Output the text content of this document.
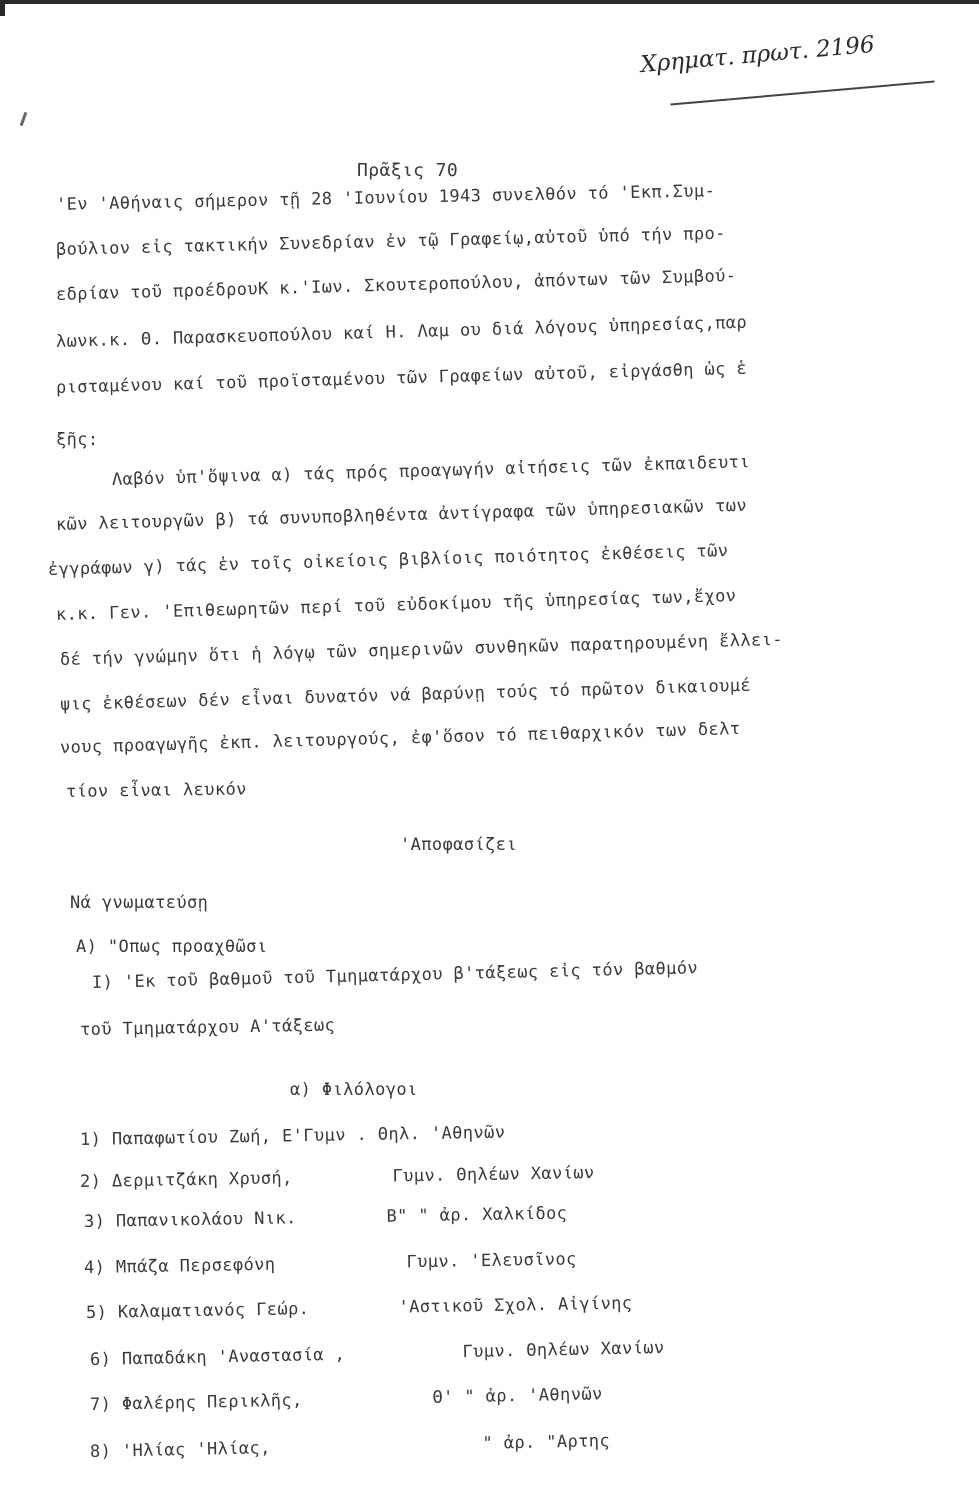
Χρηματ. πρωτ. 2196
Πρᾶξις 70
'Εν 'Αθήναις σήμερον τῇ 28 'Ιουνίου 1943 συνελθόν τό 'Εκπ.Συμ-
βούλιον εἰς τακτικήν Συνεδρίαν ἐν τῷ Γραφείῳ,αὐτοῦ ὑπό τήν προ-
εδρίαν τοῦ προέδρουΚ κ.'Ιων. Σκουτεροπούλου, ἀπόντων τῶν Συμβού-
λωνκ.κ. Θ. Παρασκευοπούλου καί Η. Λαμ ου διά λόγους ὑπηρεσίας,παρ
ρισταμένου καί τοῦ προϊσταμένου τῶν Γραφείων αὐτοῦ, εἰργάσθη ὡς ἑ
ξῆς:
Λαβόν ὑπ'ὄψινα α) τάς πρός προαγωγήν αἰτήσεις τῶν ἐκπαιδευτι
κῶν λειτουργῶν β) τά συνυποβληθέντα ἀντίγραφα τῶν ὑπηρεσιακῶν των
ἐγγράφων γ) τάς ἐν τοῖς οἰκείοις βιβλίοις ποιότητος ἐκθέσεις τῶν
κ.κ. Γεν. 'Επιθεωρητῶν περί τοῦ εὐδοκίμου τῆς ὑπηρεσίας των,ἔχον
δέ τήν γνώμην ὅτι ἡ λόγῳ τῶν σημερινῶν συνθηκῶν παρατηρουμένη ἔλλει-
ψις ἐκθέσεων δέν εἶναι δυνατόν νά βαρύνῃ τούς τό πρῶτον δικαιουμέ
νους προαγωγῆς ἐκπ. λειτουργούς, ἐφ'ὅσον τό πειθαρχικόν των δελτ
τίον εἶναι λευκόν
'Αποφασίζει
Νά γνωματεύσῃ
Α) "Οπως προαχθῶσι
Ι) 'Εκ τοῦ βαθμοῦ τοῦ Τμηματάρχου β'τάξεως εἰς τόν βαθμόν
τοῦ Τμηματάρχου Α'τάξεως
α) Φιλόλογοι
1) Παπαφωτίου Ζωή, Ε'Γυμν . Θηλ. 'Αθηνῶν
2) Δερμιτζάκη Χρυσή,	Γυμν. Θηλέων Χανίων
3) Παπανικολάου Νικ.	Β" " ἀρ. Χαλκίδος
4) Μπάζα Περσεφόνη	Γυμν. 'Ελευσῖνος
5) Καλαματιανός Γεώρ.	'Αστικοῦ Σχολ. Αἰγίνης
6) Παπαδάκη 'Αναστασία ,	Γυμν. Θηλέων Χανίων
7) Φαλέρης Περικλῆς,	Θ' " ἀρ. 'Αθηνῶν
8) 'Ηλίας 'Ηλίας,	" ἀρ. "Αρτης
